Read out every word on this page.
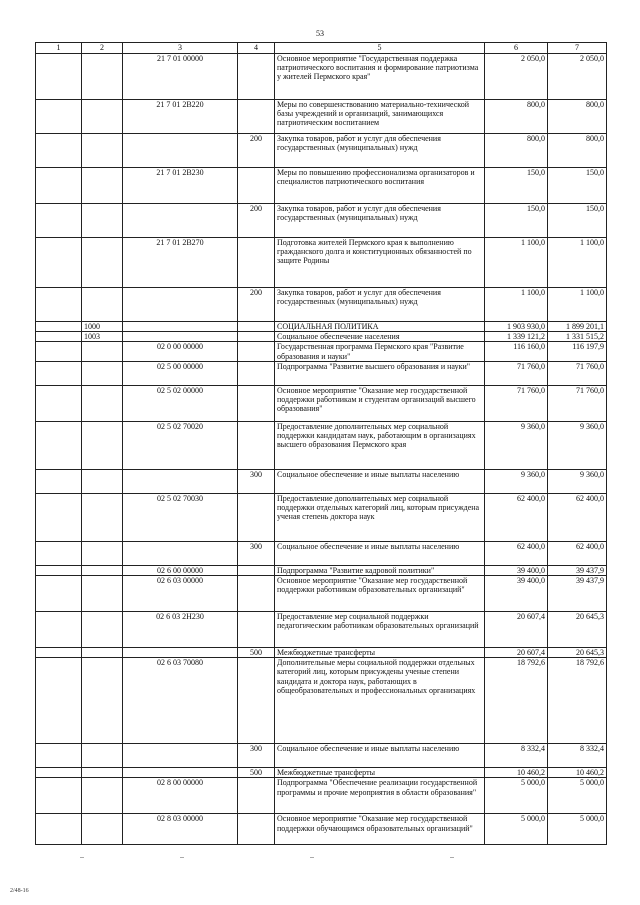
53
1	2	3	4	5	6	7
		21 7 01 00000		Основное мероприятие "Государственная поддержка патриотического воспитания и формирование патриотизма у жителей Пермского края"	2 050,0	2 050,0
		21 7 01 2В220		Меры по совершенствованию материально-технической базы учреждений и организаций, занимающихся патриотическим воспитанием	800,0	800,0
			200	Закупка товаров, работ и услуг для обеспечения государственных (муниципальных) нужд	800,0	800,0
		21 7 01 2В230		Меры по повышению профессионализма организаторов и специалистов патриотического воспитания	150,0	150,0
			200	Закупка товаров, работ и услуг для обеспечения государственных (муниципальных) нужд	150,0	150,0
		21 7 01 2В270		Подготовка жителей Пермского края к выполнению гражданского долга и конституционных обязанностей по защите Родины	1 100,0	1 100,0
			200	Закупка товаров, работ и услуг для обеспечения государственных (муниципальных) нужд	1 100,0	1 100,0
	1000			СОЦИАЛЬНАЯ ПОЛИТИКА	1 903 930,0	1 899 201,1
	1003			Социальное обеспечение населения	1 339 121,2	1 331 515,2
		02 0 00 00000		Государственная программа Пермского края "Развитие образования и науки"	116 160,0	116 197,9
		02 5 00 00000		Подпрограмма "Развитие высшего образования и науки"	71 760,0	71 760,0
		02 5 02 00000		Основное мероприятие "Оказание мер государственной поддержки работникам и студентам организаций высшего образования"	71 760,0	71 760,0
		02 5 02 70020		Предоставление дополнительных мер социальной поддержки кандидатам наук, работающим в организациях высшего образования Пермского края	9 360,0	9 360,0
			300	Социальное обеспечение и иные выплаты населению	9 360,0	9 360,0
		02 5 02 70030		Предоставление дополнительных мер социальной поддержки отдельных категорий лиц, которым присуждена ученая степень доктора наук	62 400,0	62 400,0
			300	Социальное обеспечение и иные выплаты населению	62 400,0	62 400,0
		02 6 00 00000		Подпрограмма "Развитие кадровой политики"	39 400,0	39 437,9
		02 6 03 00000		Основное мероприятие "Оказание мер государственной поддержки работникам образовательных организаций"	39 400,0	39 437,9
		02 6 03 2Н230		Предоставление мер социальной поддержки педагогическим работникам образовательных организаций	20 607,4	20 645,3
			500	Межбюджетные трансферты	20 607,4	20 645,3
		02 6 03 70080		Дополнительные меры социальной поддержки отдельных категорий лиц, которым присуждены ученые степени кандидата и доктора наук, работающих в общеобразовательных и профессиональных организациях	18 792,6	18 792,6
			300	Социальное обеспечение и иные выплаты населению	8 332,4	8 332,4
			500	Межбюджетные трансферты	10 460,2	10 460,2
		02 8 00 00000		Подпрограмма "Обеспечение реализации государственной программы и прочие мероприятия в области образования"	5 000,0	5 000,0
		02 8 03 00000		Основное мероприятие "Оказание мер государственной поддержки обучающимся образовательных организаций"	5 000,0	5 000,0
2/48-16
